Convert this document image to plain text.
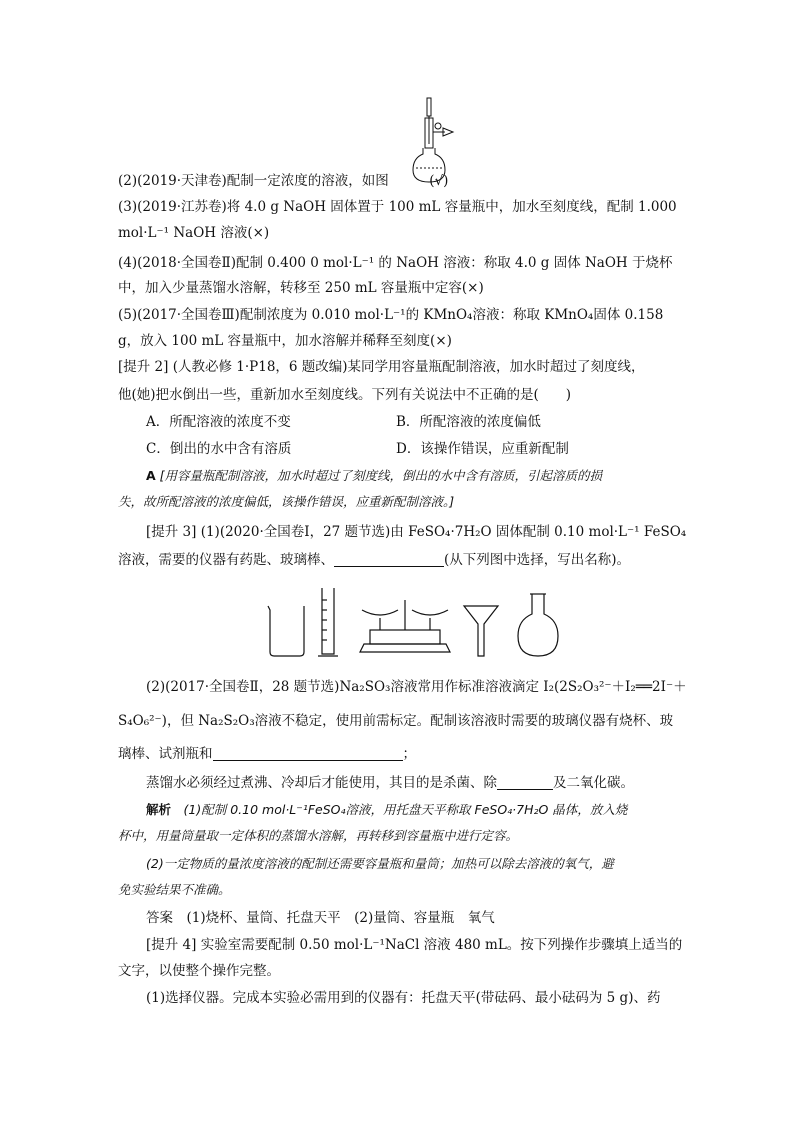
(2)(2019·天津卷)配制一定浓度的溶液，如图　　　(√)
(3)(2019·江苏卷)将 4.0 g NaOH 固体置于 100 mL 容量瓶中，加水至刻度线，配制 1.000
mol·L⁻¹ NaOH 溶液(×)
(4)(2018·全国卷Ⅱ)配制 0.400 0 mol·L⁻¹ 的 NaOH 溶液：称取 4.0 g 固体 NaOH 于烧杯
中，加入少量蒸馏水溶解，转移至 250 mL 容量瓶中定容(×)
(5)(2017·全国卷Ⅲ)配制浓度为 0.010 mol·L⁻¹的 KMnO₄溶液：称取 KMnO₄固体 0.158
g，放入 100 mL 容量瓶中，加水溶解并稀释至刻度(×)
[提升 2] (人教必修 1·P18，6 题改编)某同学用容量瓶配制溶液，加水时超过了刻度线，
他(她)把水倒出一些，重新加水至刻度线。下列有关说法中不正确的是(　　)
A．所配溶液的浓度不变	B．所配溶液的浓度偏低
C．倒出的水中含有溶质	D．该操作错误，应重新配制
A [用容量瓶配制溶液，加水时超过了刻度线，倒出的水中含有溶质，引起溶质的损
失，故所配溶液的浓度偏低，该操作错误，应重新配制溶液。]
[提升 3] (1)(2020·全国卷Ⅰ，27 题节选)由 FeSO₄·7H₂O 固体配制 0.10 mol·L⁻¹ FeSO₄
溶液，需要的仪器有药匙、玻璃棒、	(从下列图中选择，写出名称)。
(2)(2017·全国卷Ⅱ，28 题节选)Na₂SO₃溶液常用作标准溶液滴定 I₂(2S₂O₃²⁻＋I₂══2I⁻＋
S₄O₆²⁻)，但 Na₂S₂O₃溶液不稳定，使用前需标定。配制该溶液时需要的玻璃仪器有烧杯、玻
璃棒、试剂瓶和	；
蒸馏水必须经过煮沸、冷却后才能使用，其目的是杀菌、除	及二氧化碳。
解析　 (1)配制 0.10 mol·L⁻¹FeSO₄溶液，用托盘天平称取 FeSO₄·7H₂O 晶体，放入烧
杯中，用量筒量取一定体积的蒸馏水溶解，再转移到容量瓶中进行定容。
(2)一定物质的量浓度溶液的配制还需要容量瓶和量筒；加热可以除去溶液的氧气，避
免实验结果不准确。
答案　 (1)烧杯、量筒、托盘天平　(2)量筒、容量瓶　氧气
[提升 4] 实验室需要配制 0.50 mol·L⁻¹NaCl 溶液 480 mL。按下列操作步骤填上适当的
文字，以使整个操作完整。
(1)选择仪器。完成本实验必需用到的仪器有：托盘天平(带砝码、最小砝码为 5 g)、药
